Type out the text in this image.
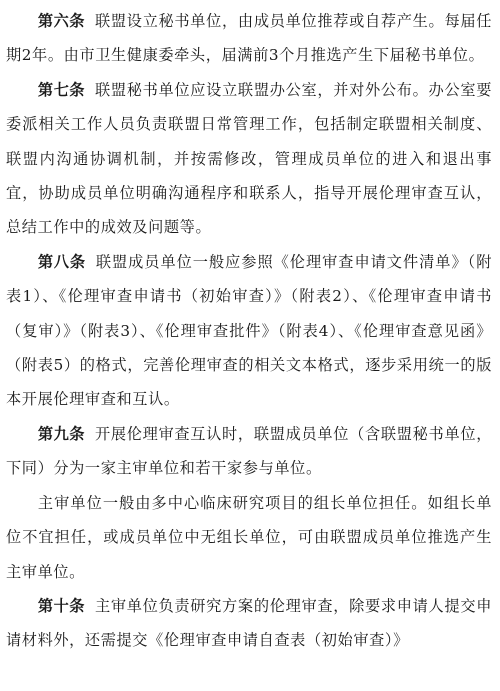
第六条 联盟设立秘书单位，由成员单位推荐或自荐产生。每届任期2年。由市卫生健康委牵头，届满前3个月推选产生下届秘书单位。

第七条 联盟秘书单位应设立联盟办公室，并对外公布。办公室要委派相关工作人员负责联盟日常管理工作，包括制定联盟相关制度、联盟内沟通协调机制，并按需修改，管理成员单位的进入和退出事宜，协助成员单位明确沟通程序和联系人，指导开展伦理审查互认，总结工作中的成效及问题等。

第八条 联盟成员单位一般应参照《伦理审查申请文件清单》（附表1）、《伦理审查申请书（初始审查）》（附表2）、《伦理审查申请书（复审）》（附表3）、《伦理审查批件》（附表4）、《伦理审查意见函》（附表5）的格式，完善伦理审查的相关文本格式，逐步采用统一的版本开展伦理审查和互认。

第九条 开展伦理审查互认时，联盟成员单位（含联盟秘书单位，下同）分为一家主审单位和若干家参与单位。

主审单位一般由多中心临床研究项目的组长单位担任。如组长单位不宜担任，或成员单位中无组长单位，可由联盟成员单位推选产生主审单位。

第十条 主审单位负责研究方案的伦理审查，除要求申请人提交申请材料外，还需提交《伦理审查申请自查表（初始审查）》
